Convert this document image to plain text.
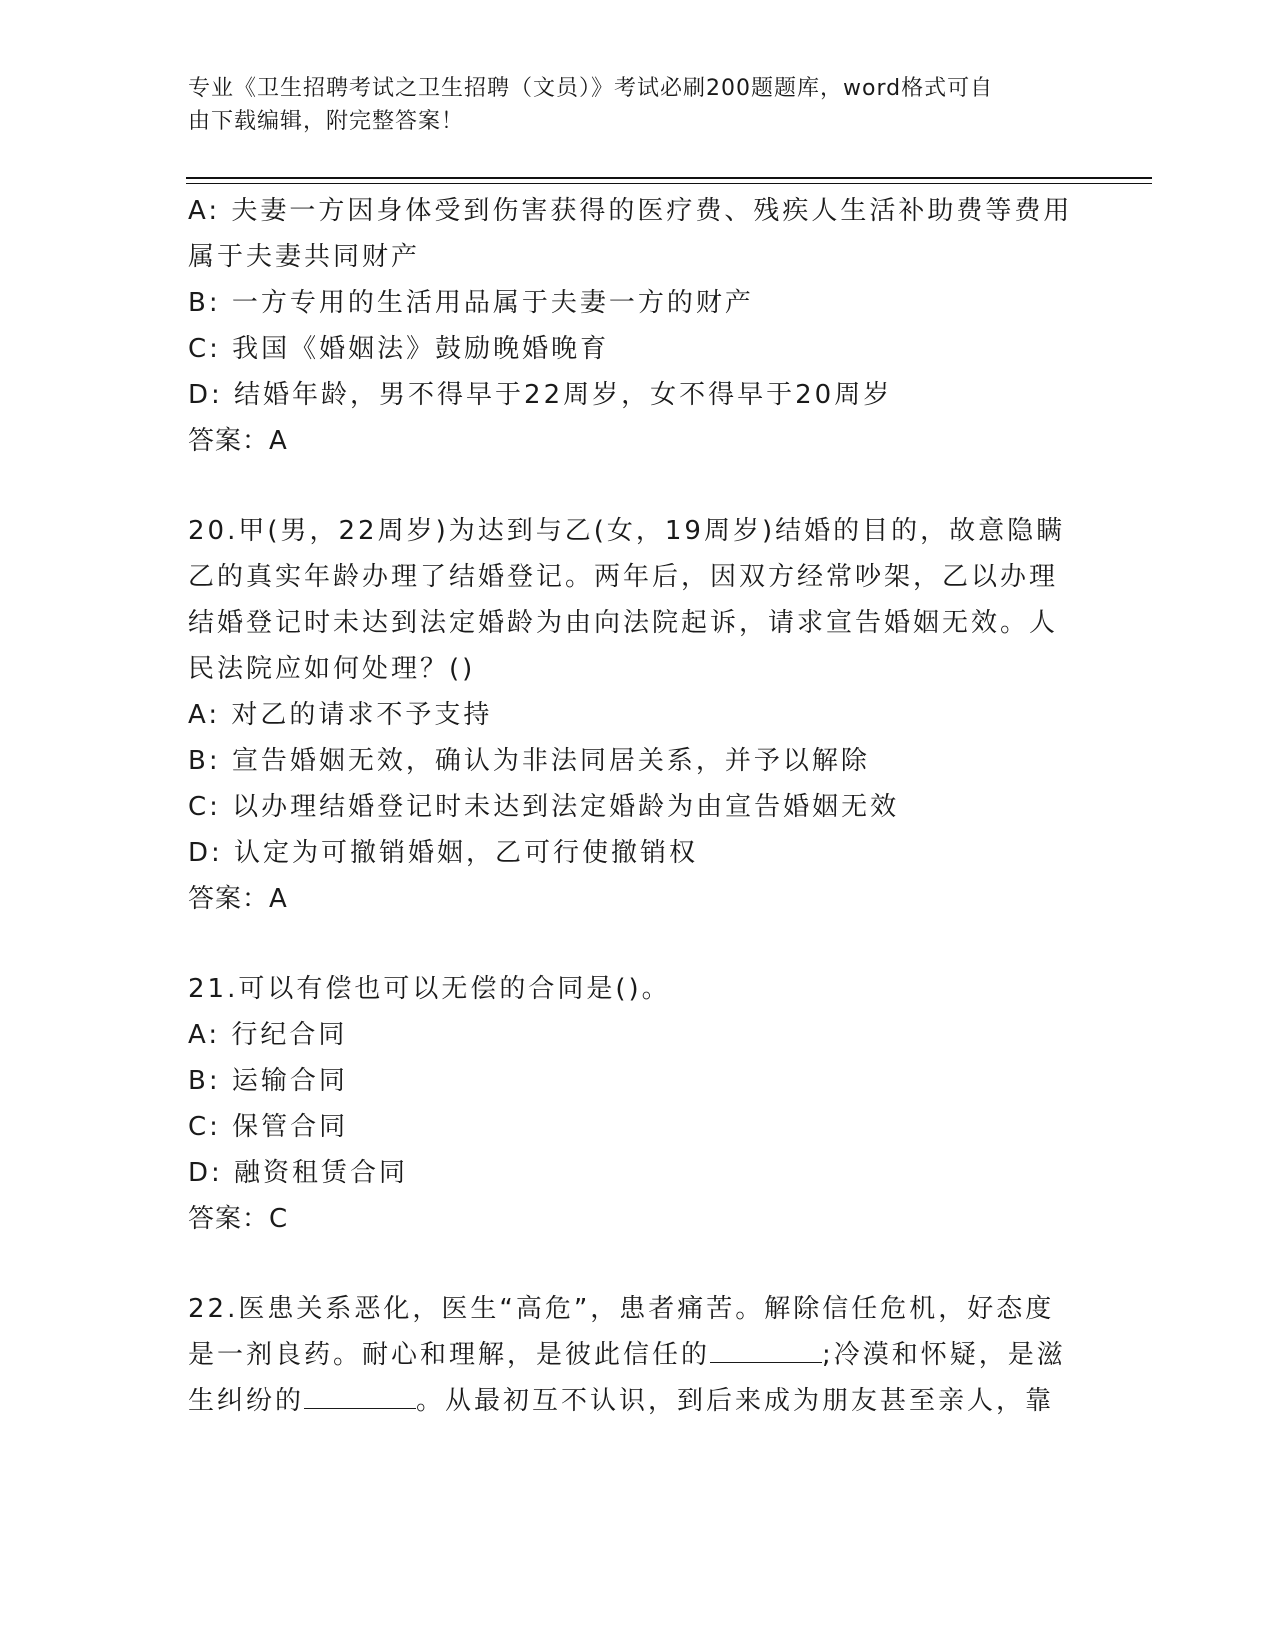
专业《卫生招聘考试之卫生招聘（文员）》考试必刷200题题库，word格式可自
由下载编辑，附完整答案！
A: 夫妻一方因身体受到伤害获得的医疗费、残疾人生活补助费等费用
属于夫妻共同财产
B: 一方专用的生活用品属于夫妻一方的财产
C: 我国《婚姻法》鼓励晚婚晚育
D: 结婚年龄，男不得早于22周岁，女不得早于20周岁
答案：A
20.甲(男，22周岁)为达到与乙(女，19周岁)结婚的目的，故意隐瞒
乙的真实年龄办理了结婚登记。两年后，因双方经常吵架，乙以办理
结婚登记时未达到法定婚龄为由向法院起诉，请求宣告婚姻无效。人
民法院应如何处理？()
A: 对乙的请求不予支持
B: 宣告婚姻无效，确认为非法同居关系，并予以解除
C: 以办理结婚登记时未达到法定婚龄为由宣告婚姻无效
D: 认定为可撤销婚姻，乙可行使撤销权
答案：A
21.可以有偿也可以无偿的合同是()。
A: 行纪合同
B: 运输合同
C: 保管合同
D: 融资租赁合同
答案：C
22.医患关系恶化，医生“高危”，患者痛苦。解除信任危机，好态度
是一剂良药。耐心和理解，是彼此信任的	;冷漠和怀疑，是滋
生纠纷的	。从最初互不认识，到后来成为朋友甚至亲人，靠
